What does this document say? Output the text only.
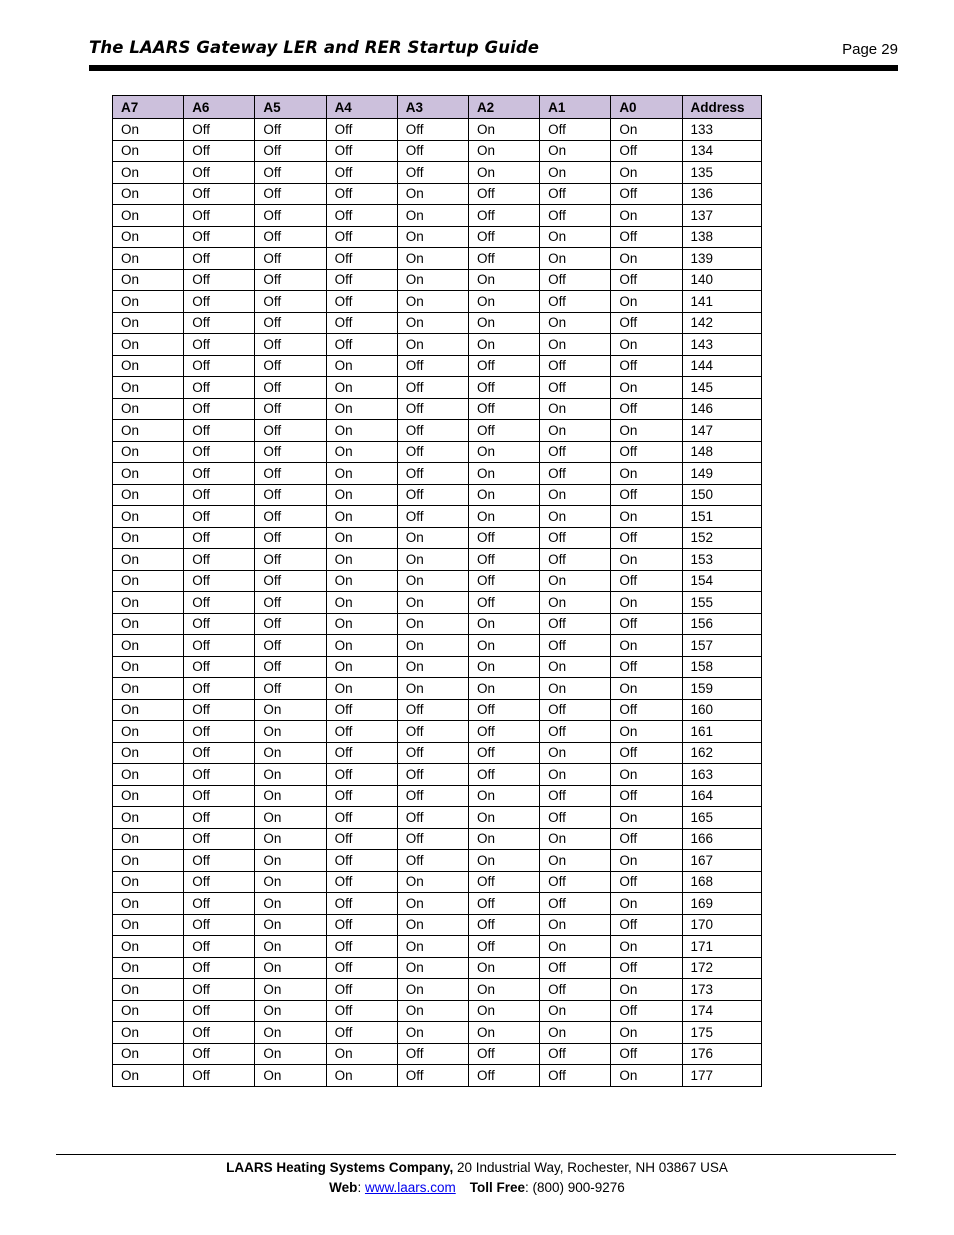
The LAARS Gateway LER and RER Startup Guide	Page 29
A7	A6	A5	A4	A3	A2	A1	A0	Address
On	Off	Off	Off	Off	On	Off	On	133
On	Off	Off	Off	Off	On	On	Off	134
On	Off	Off	Off	Off	On	On	On	135
On	Off	Off	Off	On	Off	Off	Off	136
On	Off	Off	Off	On	Off	Off	On	137
On	Off	Off	Off	On	Off	On	Off	138
On	Off	Off	Off	On	Off	On	On	139
On	Off	Off	Off	On	On	Off	Off	140
On	Off	Off	Off	On	On	Off	On	141
On	Off	Off	Off	On	On	On	Off	142
On	Off	Off	Off	On	On	On	On	143
On	Off	Off	On	Off	Off	Off	Off	144
On	Off	Off	On	Off	Off	Off	On	145
On	Off	Off	On	Off	Off	On	Off	146
On	Off	Off	On	Off	Off	On	On	147
On	Off	Off	On	Off	On	Off	Off	148
On	Off	Off	On	Off	On	Off	On	149
On	Off	Off	On	Off	On	On	Off	150
On	Off	Off	On	Off	On	On	On	151
On	Off	Off	On	On	Off	Off	Off	152
On	Off	Off	On	On	Off	Off	On	153
On	Off	Off	On	On	Off	On	Off	154
On	Off	Off	On	On	Off	On	On	155
On	Off	Off	On	On	On	Off	Off	156
On	Off	Off	On	On	On	Off	On	157
On	Off	Off	On	On	On	On	Off	158
On	Off	Off	On	On	On	On	On	159
On	Off	On	Off	Off	Off	Off	Off	160
On	Off	On	Off	Off	Off	Off	On	161
On	Off	On	Off	Off	Off	On	Off	162
On	Off	On	Off	Off	Off	On	On	163
On	Off	On	Off	Off	On	Off	Off	164
On	Off	On	Off	Off	On	Off	On	165
On	Off	On	Off	Off	On	On	Off	166
On	Off	On	Off	Off	On	On	On	167
On	Off	On	Off	On	Off	Off	Off	168
On	Off	On	Off	On	Off	Off	On	169
On	Off	On	Off	On	Off	On	Off	170
On	Off	On	Off	On	Off	On	On	171
On	Off	On	Off	On	On	Off	Off	172
On	Off	On	Off	On	On	Off	On	173
On	Off	On	Off	On	On	On	Off	174
On	Off	On	Off	On	On	On	On	175
On	Off	On	On	Off	Off	Off	Off	176
On	Off	On	On	Off	Off	Off	On	177
LAARS Heating Systems Company, 20 Industrial Way, Rochester, NH 03867 USA
Web: www.laars.com Toll Free: (800) 900-9276
